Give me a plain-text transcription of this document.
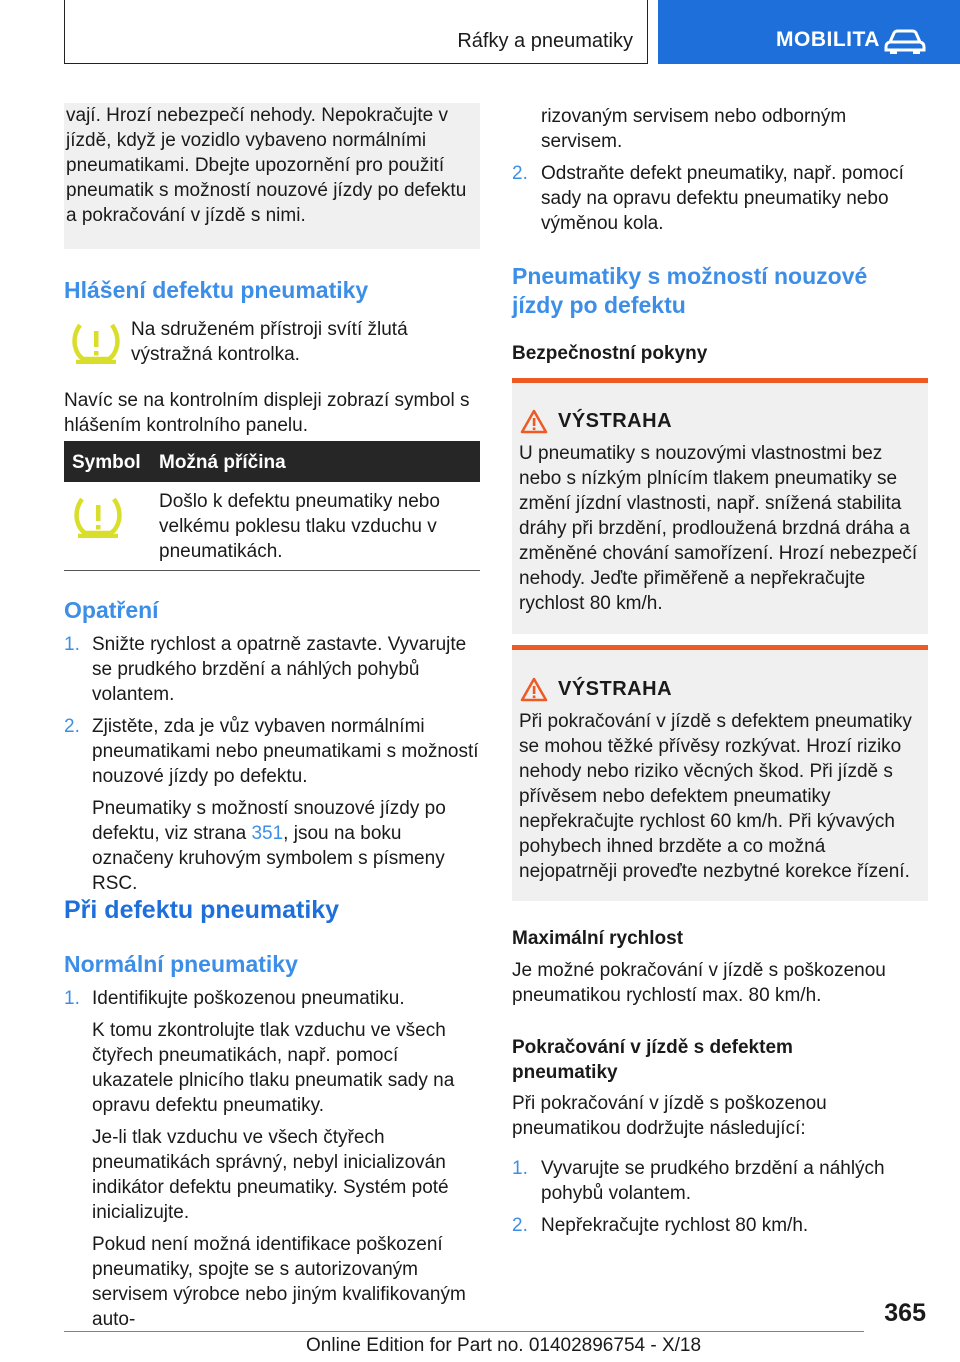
Ráfky a pneumatiky	MOBILITA

vají. Hrozí nebezpečí nehody. Nepokračujte v jízdě, když je vozidlo vybaveno normálními pneumatikami. Dbejte upozornění pro použití pneumatik s možností nouzové jízdy po defektu a pokračování v jízdě s nimi.

Hlášení defektu pneumatiky

Na sdruženém přístroji svítí žlutá výstražná kontrolka.

Navíc se na kontrolním displeji zobrazí symbol s hlášením kontrolního panelu.

Symbol Možná příčina

Došlo k defektu pneumatiky nebo velkému poklesu tlaku vzduchu v pneumatikách.

Opatření
1. Snižte rychlost a opatrně zastavte. Vyvarujte se prudkého brzdění a náhlých pohybů volantem.

2. Zjistěte, zda je vůz vybaven normálními pneumatikami nebo pneumatikami s možností nouzové jízdy po defektu.

Pneumatiky s možností snouzové jízdy po defektu, viz strana 351, jsou na boku označeny kruhovým symbolem s písmeny RSC.

Při defektu pneumatiky
Normální pneumatiky
1. Identifikujte poškozenou pneumatiku.

K tomu zkontrolujte tlak vzduchu ve všech čtyřech pneumatikách, např. pomocí ukazatele plnicího tlaku pneumatik sady na opravu defektu pneumatiky.

Je-li tlak vzduchu ve všech čtyřech pneumatikách správný, nebyl inicializován indikátor defektu pneumatiky. Systém poté inicializujte.

Pokud není možná identifikace poškození pneumatiky, spojte se s autorizovaným servisem výrobce nebo jiným kvalifikovaným auto-

rizovaným servisem nebo odborným servisem.

2. Odstraňte defekt pneumatiky, např. pomocí sady na opravu defektu pneumatiky nebo výměnou kola.

Pneumatiky s možností nouzové jízdy po defektu
Bezpečnostní pokyny
VÝSTRAHA

U pneumatiky s nouzovými vlastnostmi bez nebo s nízkým plnícím tlakem pneumatiky se změní jízdní vlastnosti, např. snížená stabilita dráhy při brzdění, prodloužená brzdná dráha a změněné chování samořízení. Hrozí nebezpečí nehody. Jeďte přiměřeně a nepřekračujte rychlost 80 km/h.

VÝSTRAHA

Při pokračování v jízdě s defektem pneumatiky se mohou těžké přívěsy rozkývat. Hrozí riziko nehody nebo riziko věcných škod. Při jízdě s přívěsem nebo defektem pneumatiky nepřekračujte rychlost 60 km/h. Při kývavých pohybech ihned brzděte a co možná nejopatrněji proveďte nezbytné korekce řízení.

Maximální rychlost

Je možné pokračování v jízdě s poškozenou pneumatikou rychlostí max. 80 km/h.

Pokračování v jízdě s defektem pneumatiky

Při pokračování v jízdě s poškozenou pneumatikou dodržujte následující:

1. Vyvarujte se prudkého brzdění a náhlých pohybů volantem.

2. Nepřekračujte rychlost 80 km/h.

365
Online Edition for Part no. 01402896754 - X/18
